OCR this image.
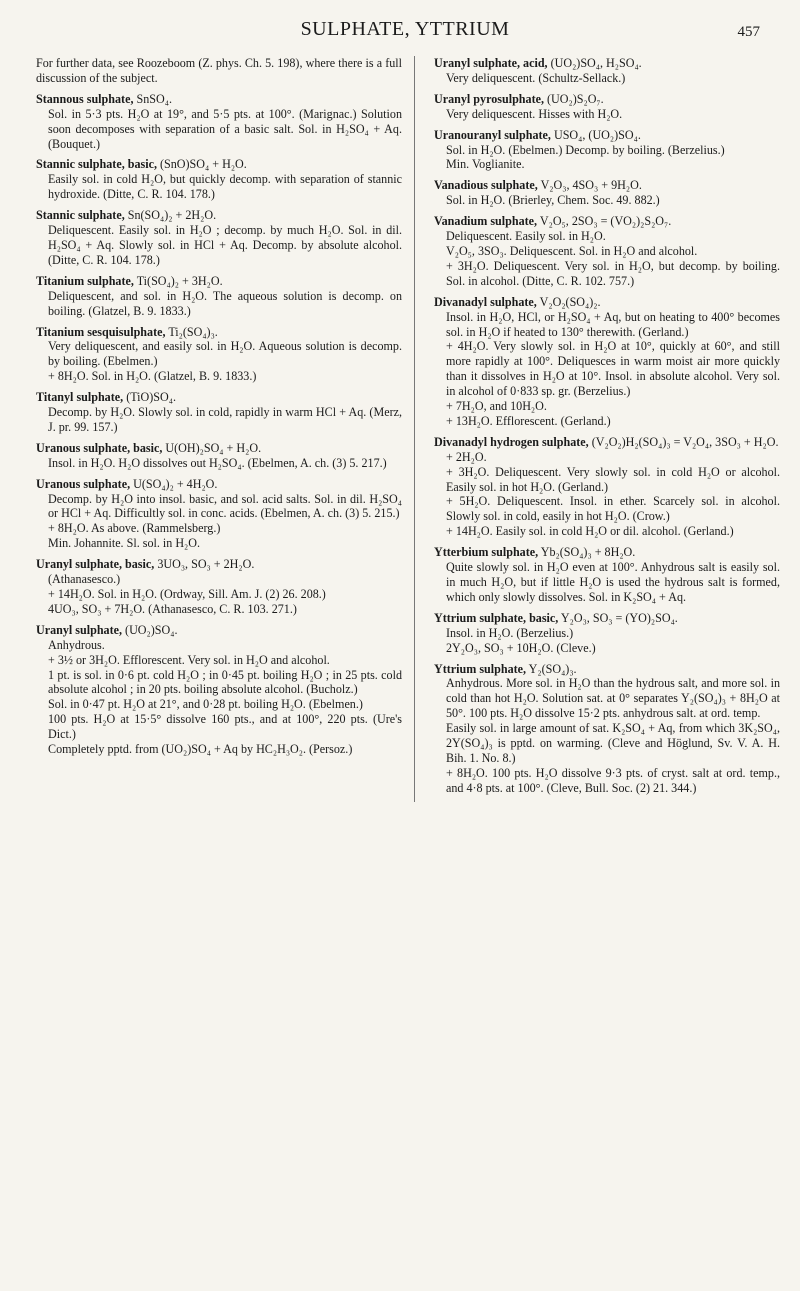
SULPHATE, YTTRIUM	457

For further data, see Roozeboom (Z. phys. Ch. 5. 198), where there is a full discussion of the subject.

Stannous sulphate, SnSO₄.

Sol. in 5·3 pts. H₂O at 19°, and 5·5 pts. at 100°. (Marignac.) Solution soon decomposes with separation of a basic salt. Sol. in H₂SO₄ + Aq. (Bouquet.)

Stannic sulphate, basic, (SnO)SO₄ + H₂O.

Easily sol. in cold H₂O, but quickly decomp. with separation of stannic hydroxide. (Ditte, C. R. 104. 178.)

Stannic sulphate, Sn(SO₄)₂ + 2H₂O.

Deliquescent. Easily sol. in H₂O ; decomp. by much H₂O. Sol. in dil. H₂SO₄ + Aq. Slowly sol. in HCl + Aq. Decomp. by absolute alcohol. (Ditte, C. R. 104. 178.)

Titanium sulphate, Ti(SO₄)₂ + 3H₂O.

Deliquescent, and sol. in H₂O. The aqueous solution is decomp. on boiling. (Glatzel, B. 9. 1833.)

Titanium sesquisulphate, Ti₂(SO₄)₃.

Very deliquescent, and easily sol. in H₂O. Aqueous solution is decomp. by boiling. (Ebelmen.)

+ 8H₂O. Sol. in H₂O. (Glatzel, B. 9. 1833.)

Titanyl sulphate, (TiO)SO₄.

Decomp. by H₂O. Slowly sol. in cold, rapidly in warm HCl + Aq. (Merz, J. pr. 99. 157.)

Uranous sulphate, basic, U(OH)₂SO₄ + H₂O.

Insol. in H₂O. H₂O dissolves out H₂SO₄. (Ebelmen, A. ch. (3) 5. 217.)

Uranous sulphate, U(SO₄)₂ + 4H₂O.

Decomp. by H₂O into insol. basic, and sol. acid salts. Sol. in dil. H₂SO₄ or HCl + Aq. Difficultly sol. in conc. acids. (Ebelmen, A. ch. (3) 5. 215.)

+ 8H₂O. As above. (Rammelsberg.)

Min. Johannite. Sl. sol. in H₂O.

Uranyl sulphate, basic, 3UO₃, SO₃ + 2H₂O.

(Athanasesco.)

+ 14H₂O. Sol. in H₂O. (Ordway, Sill. Am. J. (2) 26. 208.)

4UO₃, SO₃ + 7H₂O. (Athanasesco, C. R. 103. 271.)

Uranyl sulphate, (UO₂)SO₄.

Anhydrous.

+ 3½ or 3H₂O. Efflorescent. Very sol. in H₂O and alcohol.

1 pt. is sol. in 0·6 pt. cold H₂O ; in 0·45 pt. boiling H₂O ; in 25 pts. cold absolute alcohol ; in 20 pts. boiling absolute alcohol. (Bucholz.)

Sol. in 0·47 pt. H₂O at 21°, and 0·28 pt. boiling H₂O. (Ebelmen.)

100 pts. H₂O at 15·5° dissolve 160 pts., and at 100°, 220 pts. (Ure's Dict.)

Completely pptd. from (UO₂)SO₄ + Aq by HC₂H₃O₂. (Persoz.)

Uranyl sulphate, acid, (UO₂)SO₄, H₂SO₄.

Very deliquescent. (Schultz-Sellack.)

Uranyl pyrosulphate, (UO₂)S₂O₇.

Very deliquescent. Hisses with H₂O.

Uranouranyl sulphate, USO₄, (UO₂)SO₄.

Sol. in H₂O. (Ebelmen.) Decomp. by boiling. (Berzelius.)

Min. Voglianite.

Vanadious sulphate, V₂O₃, 4SO₃ + 9H₂O.

Sol. in H₂O. (Brierley, Chem. Soc. 49. 882.)

Vanadium sulphate, V₂O₅, 2SO₃ = (VO₂)₂S₂O₇.

Deliquescent. Easily sol. in H₂O.

V₂O₅, 3SO₃. Deliquescent. Sol. in H₂O and alcohol.

+ 3H₂O. Deliquescent. Very sol. in H₂O, but decomp. by boiling. Sol. in alcohol. (Ditte, C. R. 102. 757.)

Divanadyl sulphate, V₂O₂(SO₄)₂.

Insol. in H₂O, HCl, or H₂SO₄ + Aq, but on heating to 400° becomes sol. in H₂O if heated to 130° therewith. (Gerland.)

+ 4H₂O. Very slowly sol. in H₂O at 10°, quickly at 60°, and still more rapidly at 100°. Deliquesces in warm moist air more quickly than it dissolves in H₂O at 10°. Insol. in absolute alcohol. Very sol. in alcohol of 0·833 sp. gr. (Berzelius.)

+ 7H₂O, and 10H₂O.

+ 13H₂O. Efflorescent. (Gerland.)

Divanadyl hydrogen sulphate, (V₂O₂)H₂(SO₄)₃ = V₂O₄, 3SO₃ + H₂O.

+ 2H₂O.

+ 3H₂O. Deliquescent. Very slowly sol. in cold H₂O or alcohol. Easily sol. in hot H₂O. (Gerland.)

+ 5H₂O. Deliquescent. Insol. in ether. Scarcely sol. in alcohol. Slowly sol. in cold, easily in hot H₂O. (Crow.)

+ 14H₂O. Easily sol. in cold H₂O or dil. alcohol. (Gerland.)

Ytterbium sulphate, Yb₂(SO₄)₃ + 8H₂O.

Quite slowly sol. in H₂O even at 100°. Anhydrous salt is easily sol. in much H₂O, but if little H₂O is used the hydrous salt is formed, which only slowly dissolves. Sol. in K₂SO₄ + Aq.

Yttrium sulphate, basic, Y₂O₃, SO₃ = (YO)₂SO₄.

Insol. in H₂O. (Berzelius.)

2Y₂O₃, SO₃ + 10H₂O. (Cleve.)

Yttrium sulphate, Y₂(SO₄)₃.

Anhydrous. More sol. in H₂O than the hydrous salt, and more sol. in cold than hot H₂O. Solution sat. at 0° separates Y₂(SO₄)₃ + 8H₂O at 50°. 100 pts. H₂O dissolve 15·2 pts. anhydrous salt. at ord. temp.

Easily sol. in large amount of sat. K₂SO₄ + Aq, from which 3K₂SO₄, 2Y(SO₄)₃ is pptd. on warming. (Cleve and Höglund, Sv. V. A. H. Bih. 1. No. 8.)

+ 8H₂O. 100 pts. H₂O dissolve 9·3 pts. of cryst. salt at ord. temp., and 4·8 pts. at 100°. (Cleve, Bull. Soc. (2) 21. 344.)
